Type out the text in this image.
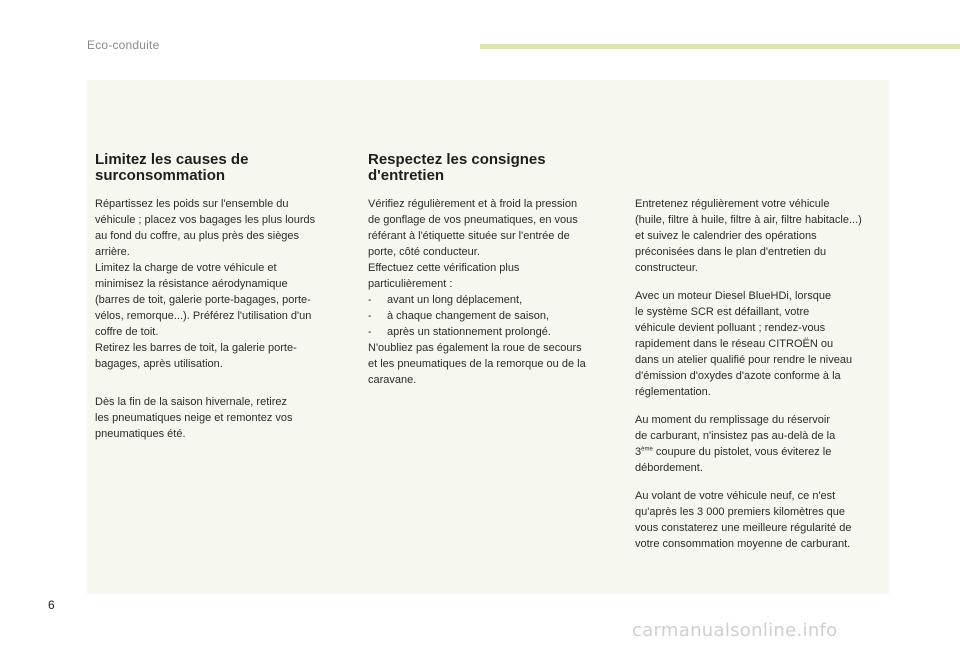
Eco-conduite
Limitez les causes de
surconsommation

Répartissez les poids sur l'ensemble du
véhicule ; placez vos bagages les plus lourds
au fond du coffre, au plus près des sièges
arrière.
Limitez la charge de votre véhicule et
minimisez la résistance aérodynamique
(barres de toit, galerie porte-bagages, porte-
vélos, remorque...). Préférez l'utilisation d'un
coffre de toit.
Retirez les barres de toit, la galerie porte-
bagages, après utilisation.

Dès la fin de la saison hivernale, retirez
les pneumatiques neige et remontez vos
pneumatiques été.

Respectez les consignes
d'entretien

Vérifiez régulièrement et à froid la pression
de gonflage de vos pneumatiques, en vous
référant à l'étiquette située sur l'entrée de
porte, côté conducteur.
Effectuez cette vérification plus
particulièrement :

-	avant un long déplacement,
-	à chaque changement de saison,
-	après un stationnement prolongé.

N'oubliez pas également la roue de secours
et les pneumatiques de la remorque ou de la
caravane.

Entretenez régulièrement votre véhicule
(huile, filtre à huile, filtre à air, filtre habitacle...)
et suivez le calendrier des opérations
préconisées dans le plan d'entretien du
constructeur.

Avec un moteur Diesel BlueHDi, lorsque
le système SCR est défaillant, votre
véhicule devient polluant ; rendez-vous
rapidement dans le réseau CITROËN ou
dans un atelier qualifié pour rendre le niveau
d'émission d'oxydes d'azote conforme à la
réglementation.

Au moment du remplissage du réservoir
de carburant, n'insistez pas au-delà de la
3ème coupure du pistolet, vous éviterez le
débordement.

Au volant de votre véhicule neuf, ce n'est
qu'après les 3 000 premiers kilomètres que
vous constaterez une meilleure régularité de
votre consommation moyenne de carburant.

6
carmanualsonline.info
